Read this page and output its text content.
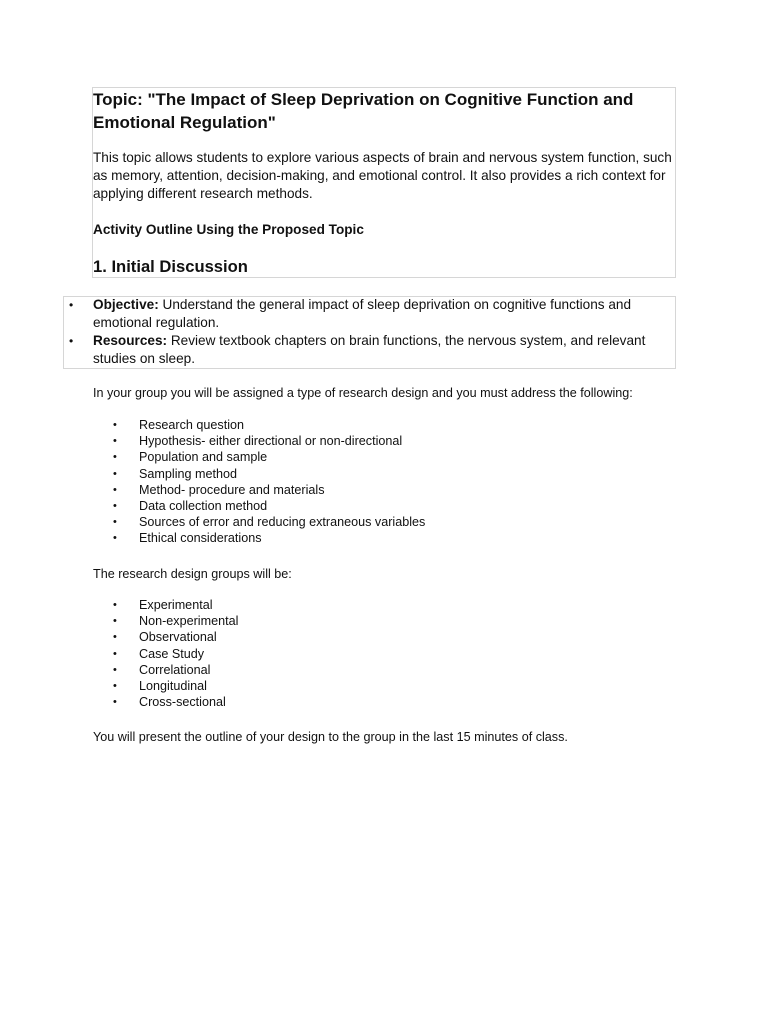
Topic: "The Impact of Sleep Deprivation on Cognitive Function and Emotional Regulation"

This topic allows students to explore various aspects of brain and nervous system function, such as memory, attention, decision-making, and emotional control. It also provides a rich context for applying different research methods.

Activity Outline Using the Proposed Topic

1. Initial Discussion
• Objective: Understand the general impact of sleep deprivation on cognitive functions and emotional regulation.
• Resources: Review textbook chapters on brain functions, the nervous system, and relevant studies on sleep.

In your group you will be assigned a type of research design and you must address the following:

• Research question
• Hypothesis- either directional or non-directional
• Population and sample
• Sampling method
• Method- procedure and materials
• Data collection method
• Sources of error and reducing extraneous variables
• Ethical considerations

The research design groups will be:

• Experimental
• Non-experimental
• Observational
• Case Study
• Correlational
• Longitudinal
• Cross-sectional

You will present the outline of your design to the group in the last 15 minutes of class.
